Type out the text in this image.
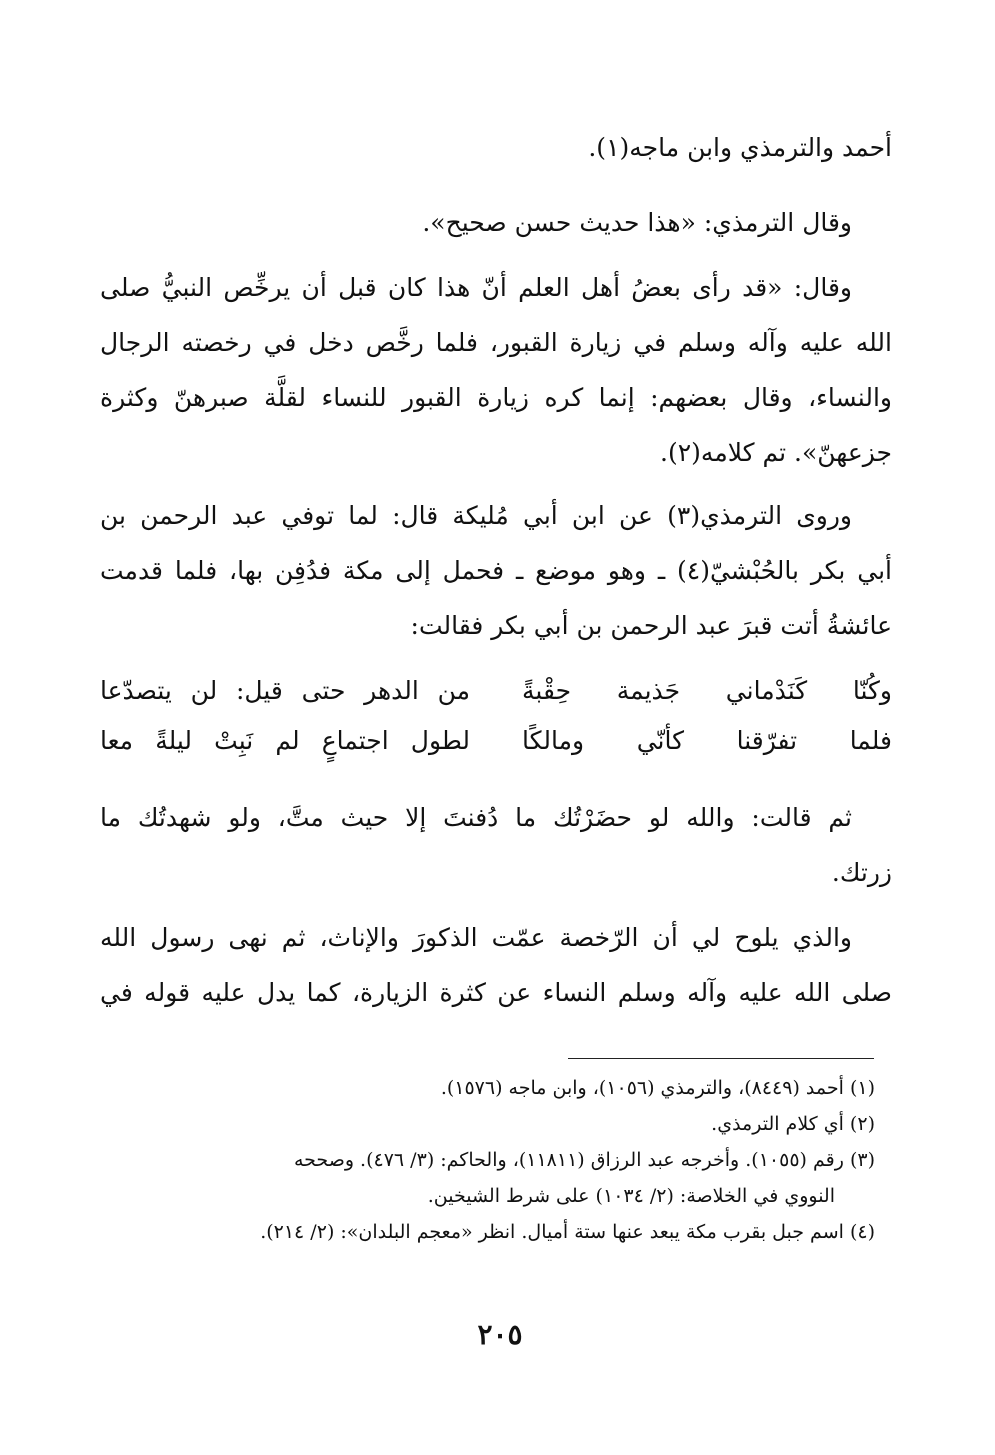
أحمد والترمذي وابن ماجه(١).
وقال الترمذي: «هذا حديث حسن صحيح».
وقال: «قد رأى بعضُ أهل العلم أنّ هذا كان قبل أن يرخِّص النبيُّ صلى
الله عليه وآله وسلم في زيارة القبور، فلما رخَّص دخل في رخصته الرجال
والنساء، وقال بعضهم: إنما كره زيارة القبور للنساء لقلَّة صبرهنّ وكثرة
جزعهنّ». تم كلامه(٢).
وروى الترمذي(٣) عن ابن أبي مُليكة قال: لما توفي عبد الرحمن بن
أبي بكر بالحُبْشيّ(٤) ـ وهو موضع ـ فحمل إلى مكة فدُفِن بها، فلما قدمت
عائشةُ أتت قبرَ عبد الرحمن بن أبي بكر فقالت:
وكُنّا كَنَدْماني جَذيمة حِقْبةً
من الدهر حتى قيل: لن يتصدّعا
فلما تفرّقنا كأنّي ومالكًا
لطول اجتماعٍ لم نَبِتْ ليلةً معا
ثم قالت: والله لو حضَرْتُك ما دُفنتَ إلا حيث متَّ، ولو شهدتُك ما
زرتك.
والذي يلوح لي أن الرّخصة عمّت الذكورَ والإناث، ثم نهى رسول الله
صلى الله عليه وآله وسلم النساء عن كثرة الزيارة، كما يدل عليه قوله في
(١) أحمد (٨٤٤٩)، والترمذي (١٠٥٦)، وابن ماجه (١٥٧٦).
(٢) أي كلام الترمذي.
(٣) رقم (١٠٥٥). وأخرجه عبد الرزاق (١١٨١١)، والحاكم: (٣/ ٤٧٦). وصححه
النووي في الخلاصة: (٢/ ١٠٣٤) على شرط الشيخين.
(٤) اسم جبل بقرب مكة يبعد عنها ستة أميال. انظر «معجم البلدان»: (٢/ ٢١٤).
٢٠٥
